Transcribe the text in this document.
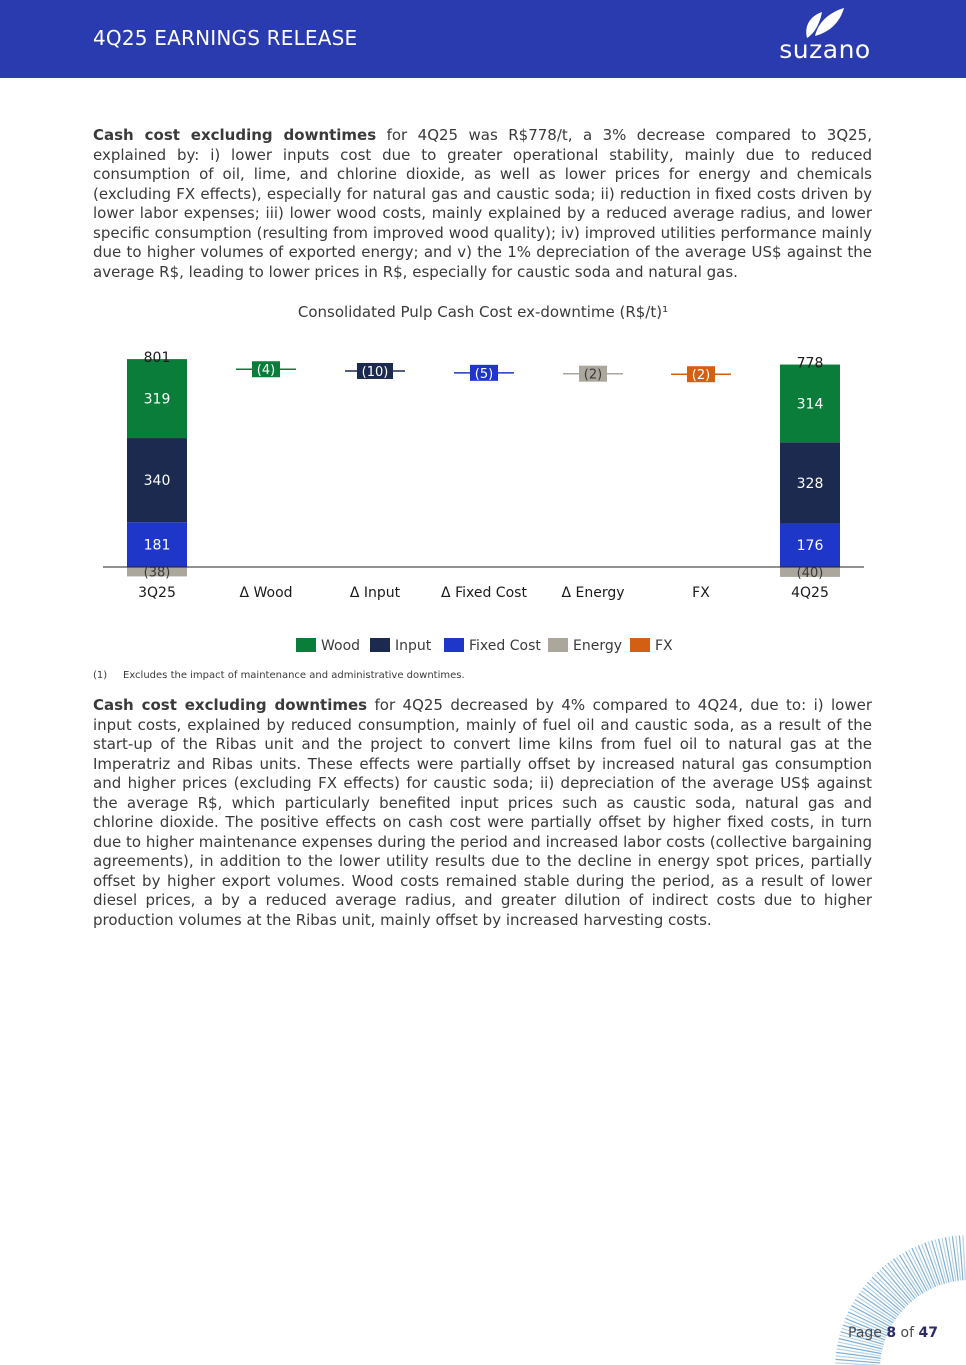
4Q25 EARNINGS RELEASE	suzano
Cash cost excluding downtimes for 4Q25 was R$778/t, a 3% decrease compared to 3Q25, explained by: i) lower inputs cost due to greater operational stability, mainly due to reduced consumption of oil, lime, and chlorine dioxide, as well as lower prices for energy and chemicals (excluding FX effects), especially for natural gas and caustic soda; ii) reduction in fixed costs driven by lower labor expenses; iii) lower wood costs, mainly explained by a reduced average radius, and lower specific consumption (resulting from improved wood quality); iv) improved utilities performance mainly due to higher volumes of exported energy; and v) the 1% depreciation of the average US$ against the average R$, leading to lower prices in R$, especially for caustic soda and natural gas.
Consolidated Pulp Cash Cost ex-downtime (R$/t)¹
181
340
319
(38)
801
176
328
314
(40)
778
(4)	(10)	(5)	(2)	(2)
3Q25	Δ Wood	Δ Input	Δ Fixed Cost Δ Energy	FX	4Q25
Wood Input	Fixed Cost Energy FX
(1) Excludes the impact of maintenance and administrative downtimes.
Cash cost excluding downtimes for 4Q25 decreased by 4% compared to 4Q24, due to: i) lower input costs, explained by reduced consumption, mainly of fuel oil and caustic soda, as a result of the start-up of the Ribas unit and the project to convert lime kilns from fuel oil to natural gas at the Imperatriz and Ribas units. These effects were partially offset by increased natural gas consumption and higher prices (excluding FX effects) for caustic soda; ii) depreciation of the average US$ against the average R$, which particularly benefited input prices such as caustic soda, natural gas and chlorine dioxide. The positive effects on cash cost were partially offset by higher fixed costs, in turn due to higher maintenance expenses during the period and increased labor costs (collective bargaining agreements), in addition to the lower utility results due to the decline in energy spot prices, partially offset by higher export volumes. Wood costs remained stable during the period, as a result of lower diesel prices, a by a reduced average radius, and greater dilution of indirect costs due to higher production volumes at the Ribas unit, mainly offset by increased harvesting costs.
Page 8 of 47
